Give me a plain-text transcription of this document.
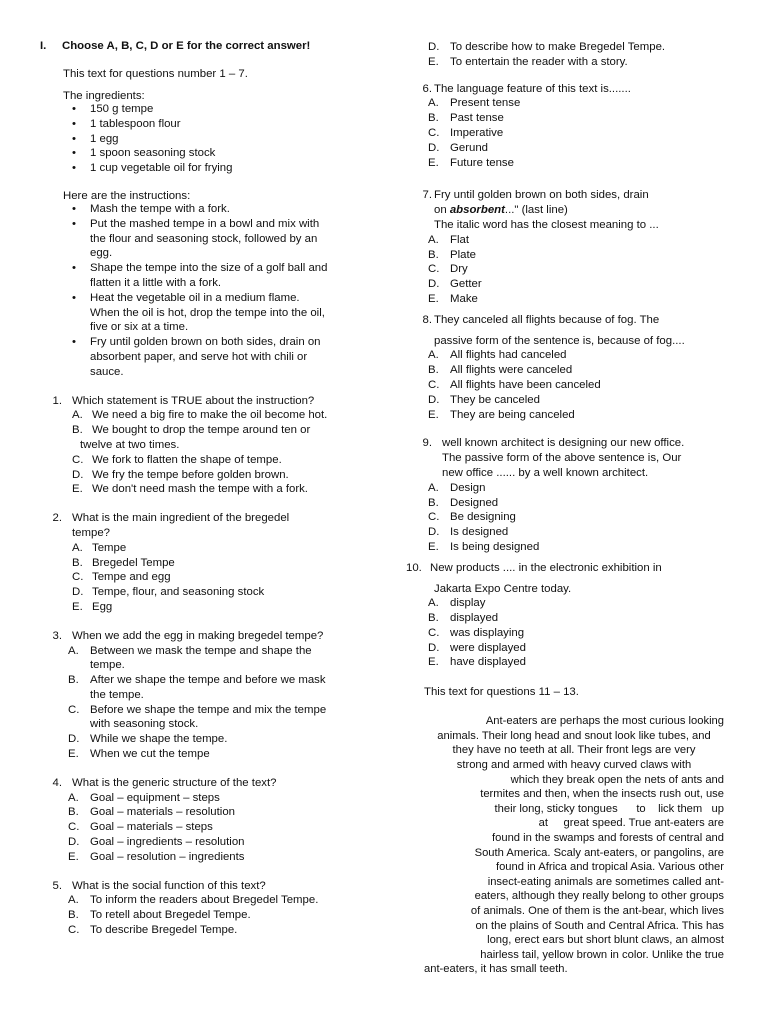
I.	Choose A, B, C, D or E for the correct answer!

This text for questions number 1 – 7.

The ingredients:

• 150 g tempe
• 1 tablespoon flour
• 1 egg
• 1 spoon seasoning stock
• 1 cup vegetable oil for frying

Here are the instructions:

• Mash the tempe with a fork.
• Put the mashed tempe in a bowl and mix with
the flour and seasoning stock, followed by an
egg.
• Shape the tempe into the size of a golf ball and
flatten it a little with a fork.
• Heat the vegetable oil in a medium flame.
When the oil is hot, drop the tempe into the oil,
five or six at a time.
• Fry until golden brown on both sides, drain on
absorbent paper, and serve hot with chili or
sauce.
1. Which statement is TRUE about the instruction?
A. We need a big fire to make the oil become hot.
B. We bought to drop the tempe around ten or
twelve at two times.
C. We fork to flatten the shape of tempe.
D. We fry the tempe before golden brown.
E. We don't need mash the tempe with a fork.
2. What is the main ingredient of the bregedel
tempe?
A. Tempe
B. Bregedel Tempe
C. Tempe and egg
D. Tempe, flour, and seasoning stock
E. Egg
3. When we add the egg in making bregedel tempe?
A. Between we mask the tempe and shape the
tempe.
B. After we shape the tempe and before we mask
the tempe.
C. Before we shape the tempe and mix the tempe
with seasoning stock.
D. While we shape the tempe.
E. When we cut the tempe
4. What is the generic structure of the text?
A. Goal – equipment – steps
B. Goal – materials – resolution
C. Goal – materials – steps
D. Goal – ingredients – resolution
E. Goal – resolution – ingredients
5. What is the social function of this text?
A. To inform the readers about Bregedel Tempe.
B. To retell about Bregedel Tempe.
C. To describe Bregedel Tempe.
D. To describe how to make Bregedel Tempe.
E. To entertain the reader with a story.
6. The language feature of this text is.......
A. Present tense
B. Past tense
C. Imperative
D. Gerund
E. Future tense
7. Fry until golden brown on both sides, drain
on absorbent..." (last line)
The italic word has the closest meaning to ...
A. Flat
B. Plate
C. Dry
D. Getter
E. Make
8. They canceled all flights because of fog. The
passive form of the sentence is, because of fog....
A. All flights had canceled
B. All flights were canceled
C. All flights have been canceled
D. They be canceled
E. They are being canceled
9. well known architect is designing our new office.
The passive form of the above sentence is, Our
new office ...... by a well known architect.
A. Design
B. Designed
C. Be designing
D. Is designed
E. Is being designed
10. New products .... in the electronic exhibition in
Jakarta Expo Centre today.
A. display
B. displayed
C. was displaying
D. were displayed
E. have displayed

This text for questions 11 – 13.

Ant-eaters are perhaps the most curious looking
animals. Their long head and snout look like tubes, and
they have no teeth at all. Their front legs are very
strong and armed with heavy curved claws with
which they break open the nets of ants and
termites and then, when the insects rush out, use
their long, sticky tongues      to    lick them   up
at     great speed. True ant-eaters are
found in the swamps and forests of central and
South America. Scaly ant-eaters, or pangolins, are
found in Africa and tropical Asia. Various other
insect-eating animals are sometimes called ant-
eaters, although they really belong to other groups
of animals. One of them is the ant-bear, which lives
on the plains of South and Central Africa. This has
long, erect ears but short blunt claws, an almost
hairless tail, yellow brown in color. Unlike the true
ant-eaters, it has small teeth.
